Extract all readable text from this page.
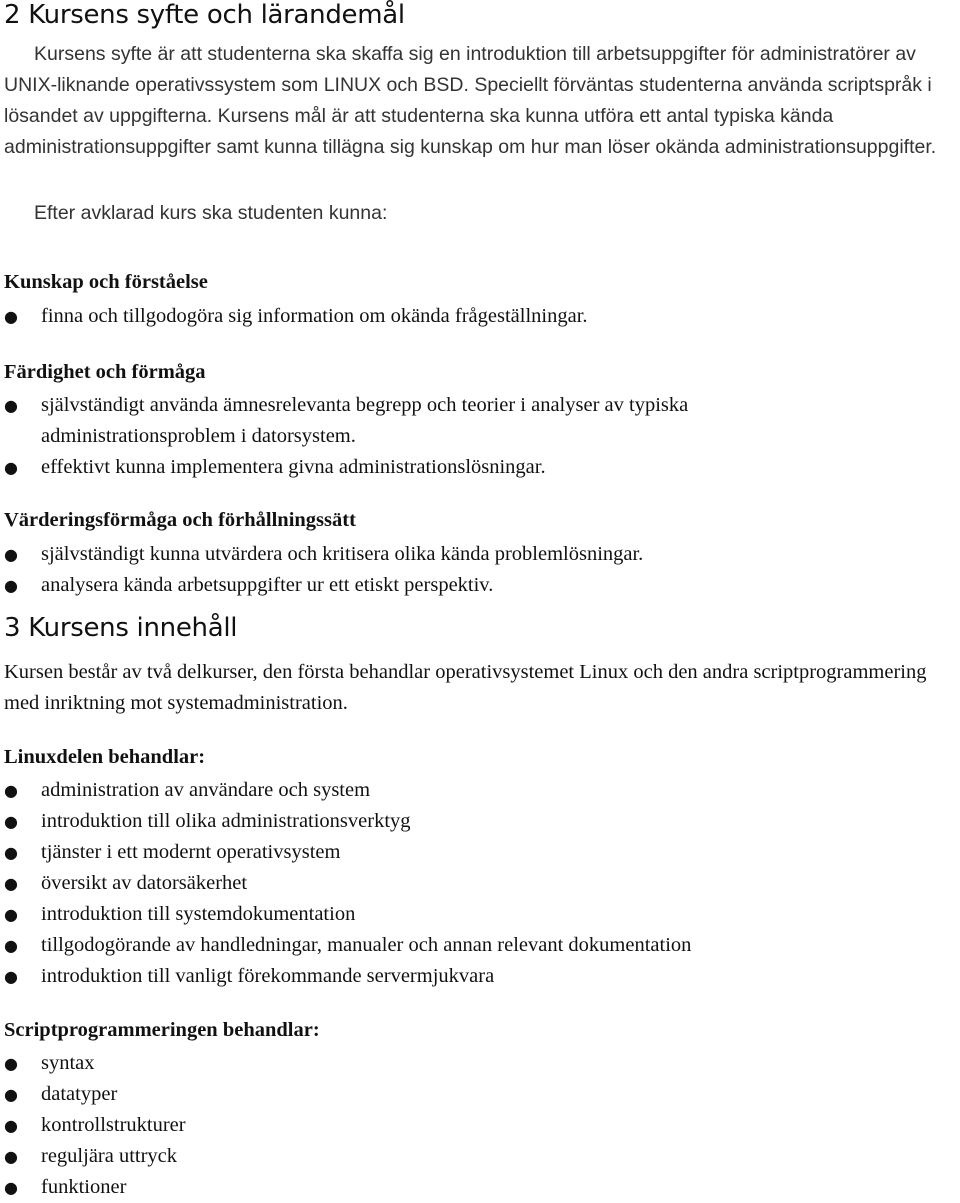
2 Kursens syfte och lärandemål

Kursens syfte är att studenterna ska skaffa sig en introduktion till arbetsuppgifter för administratörer av UNIX-liknande operativssystem som LINUX och BSD. Speciellt förväntas studenterna använda scriptspråk i lösandet av uppgifterna. Kursens mål är att studenterna ska kunna utföra ett antal typiska kända administrationsuppgifter samt kunna tillägna sig kunskap om hur man löser okända administrationsuppgifter.

Efter avklarad kurs ska studenten kunna:

Kunskap och förståelse
● finna och tillgodogöra sig information om okända frågeställningar.
Färdighet och förmåga
● självständigt använda ämnesrelevanta begrepp och teorier i analyser av typiska administrationsproblem i datorsystem.
● effektivt kunna implementera givna administrationslösningar.
Värderingsförmåga och förhållningssätt
● självständigt kunna utvärdera och kritisera olika kända problemlösningar.
● analysera kända arbetsuppgifter ur ett etiskt perspektiv.
3 Kursens innehåll

Kursen består av två delkurser, den första behandlar operativsystemet Linux och den andra scriptprogrammering med inriktning mot systemadministration.

Linuxdelen behandlar:
● administration av användare och system
● introduktion till olika administrationsverktyg
● tjänster i ett modernt operativsystem
● översikt av datorsäkerhet
● introduktion till systemdokumentation
● tillgodogörande av handledningar, manualer och annan relevant dokumentation
● introduktion till vanligt förekommande servermjukvara
Scriptprogrammeringen behandlar:
● syntax
● datatyper
● kontrollstrukturer
● reguljära uttryck
● funktioner
